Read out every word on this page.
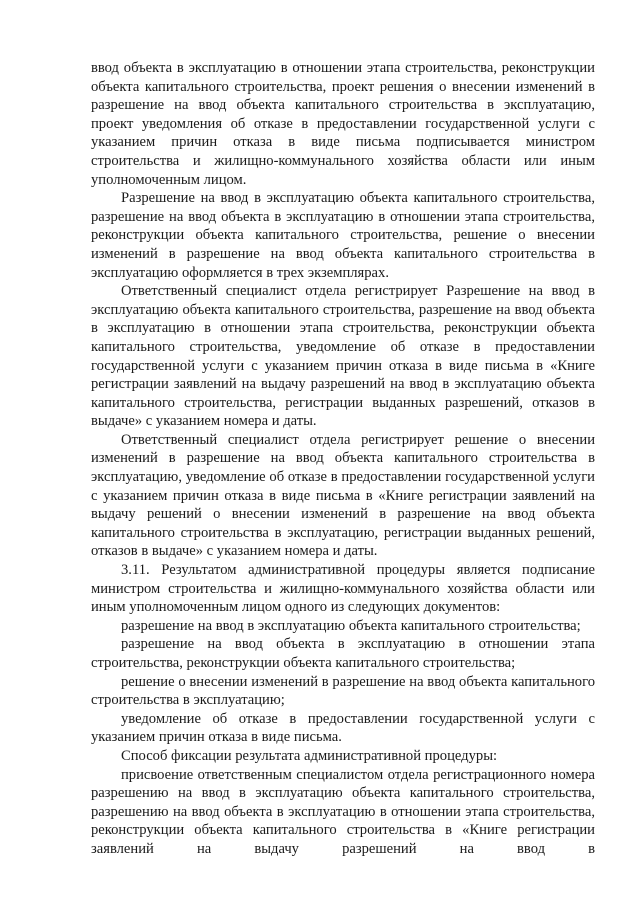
ввод объекта в эксплуатацию в отношении этапа строительства, реконструкции объекта капитального строительства, проект решения о внесении изменений в разрешение на ввод объекта капитального строительства в эксплуатацию, проект уведомления об отказе в предоставлении государственной услуги с указанием причин отказа в виде письма подписывается министром строительства и жилищно-коммунального хозяйства области или иным уполномоченным лицом.

Разрешение на ввод в эксплуатацию объекта капитального строительства, разрешение на ввод объекта в эксплуатацию в отношении этапа строительства, реконструкции объекта капитального строительства, решение о внесении изменений в разрешение на ввод объекта капитального строительства в эксплуатацию оформляется в трех экземплярах.

Ответственный специалист отдела регистрирует Разрешение на ввод в эксплуатацию объекта капитального строительства, разрешение на ввод объекта в эксплуатацию в отношении этапа строительства, реконструкции объекта капитального строительства, уведомление об отказе в предоставлении государственной услуги с указанием причин отказа в виде письма в «Книге регистрации заявлений на выдачу разрешений на ввод в эксплуатацию объекта капитального строительства, регистрации выданных разрешений, отказов в выдаче» с указанием номера и даты.

Ответственный специалист отдела регистрирует решение о внесении изменений в разрешение на ввод объекта капитального строительства в эксплуатацию, уведомление об отказе в предоставлении государственной услуги с указанием причин отказа в виде письма в «Книге регистрации заявлений на выдачу решений о внесении изменений в разрешение на ввод объекта капитального строительства в эксплуатацию, регистрации выданных решений, отказов в выдаче» с указанием номера и даты.

3.11. Результатом административной процедуры является подписание министром строительства и жилищно-коммунального хозяйства области или иным уполномоченным лицом одного из следующих документов:

разрешение на ввод в эксплуатацию объекта капитального строительства;

разрешение на ввод объекта в эксплуатацию в отношении этапа строительства, реконструкции объекта капитального строительства;

решение о внесении изменений в разрешение на ввод объекта капитального строительства в эксплуатацию;

уведомление об отказе в предоставлении государственной услуги с указанием причин отказа в виде письма.

Способ фиксации результата административной процедуры:

присвоение ответственным специалистом отдела регистрационного номера разрешению на ввод в эксплуатацию объекта капитального строительства, разрешению на ввод объекта в эксплуатацию в отношении этапа строительства, реконструкции объекта капитального строительства в «Книге регистрации заявлений на выдачу разрешений на ввод в
